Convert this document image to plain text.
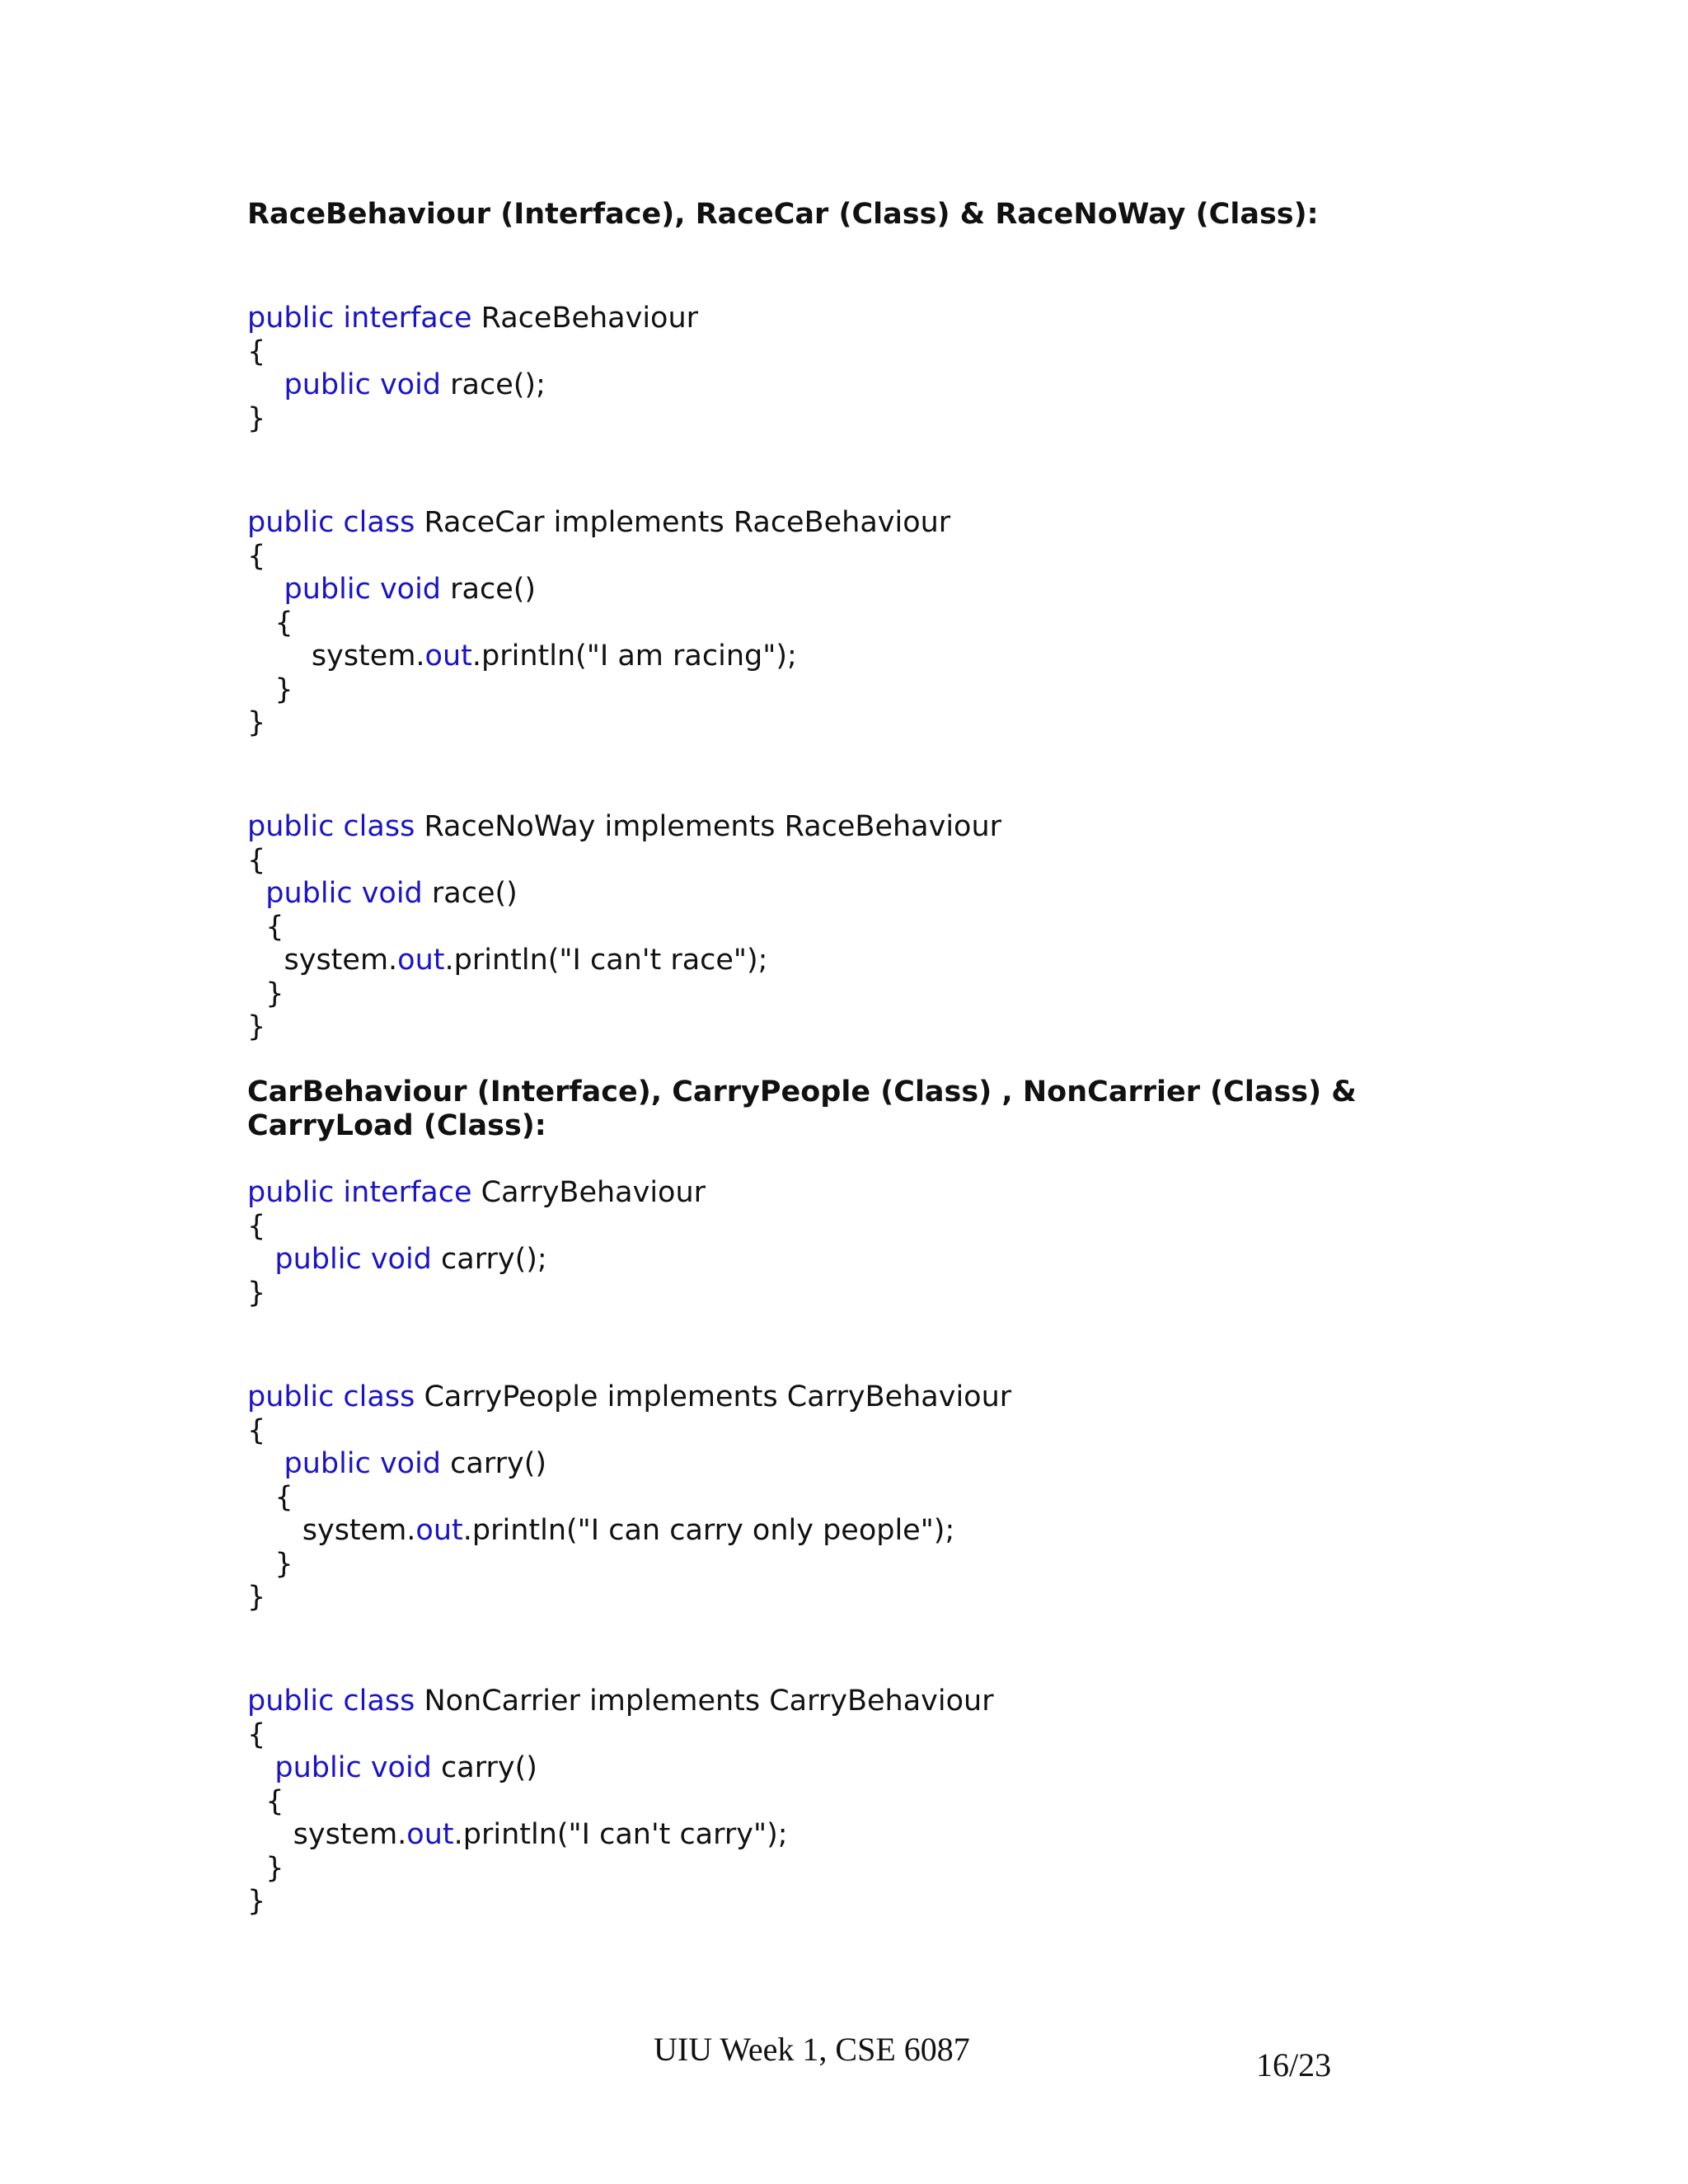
RaceBehaviour (Interface), RaceCar (Class) & RaceNoWay (Class):
public interface RaceBehaviour
{
public void race();
}
public class RaceCar implements RaceBehaviour
{
public void race()
{
system.out.println("I am racing");
}
}
public class RaceNoWay implements RaceBehaviour
{
public void race()
{
system.out.println("I can't race");
}
}
CarBehaviour (Interface), CarryPeople (Class) , NonCarrier (Class) &
CarryLoad (Class):
public interface CarryBehaviour
{
public void carry();
}
public class CarryPeople implements CarryBehaviour
{
public void carry()
{
system.out.println("I can carry only people");
}
}
public class NonCarrier implements CarryBehaviour
{
public void carry()
{
system.out.println("I can't carry");
}
}
UIU Week 1, CSE 6087	16/23
